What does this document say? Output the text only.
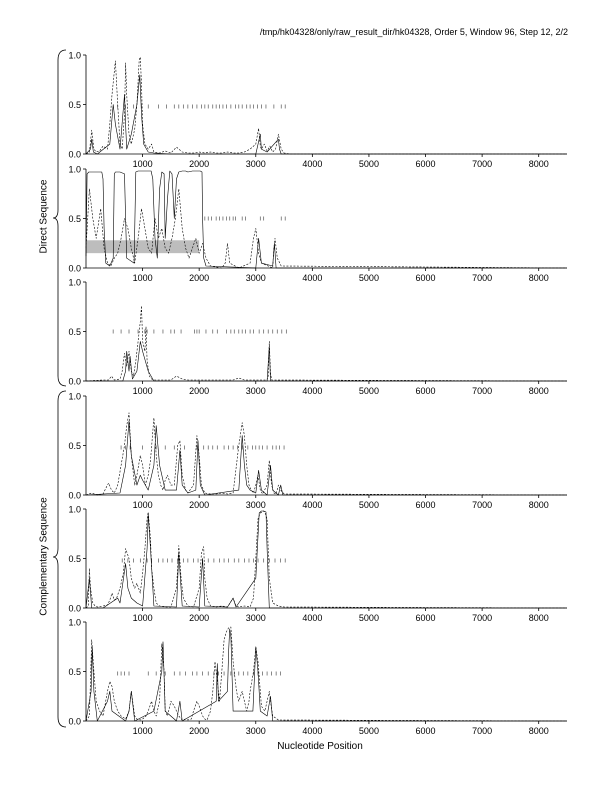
/tmp/hk04328/only/raw_result_dir/hk04328, Order 5, Window 96, Step 12, 2/2
0.0
0.5
1.0
1000	2000	3000	4000	5000	6000	7000	8000
0.0
0.5
1.0
1000	2000	3000	4000	5000	6000	7000	8000
0.0
0.5
1.0
1000	2000	3000	4000	5000	6000	7000	8000
0.0
0.5
1.0
1000	2000	3000	4000	5000	6000	7000	8000
0.0
0.5
1.0
1000	2000	3000	4000	5000	6000	7000	8000
0.0
0.5
1.0
1000	2000	3000	4000	5000	6000	7000	8000
Direct Sequence
Complementary Sequence
Nucleotide Position
